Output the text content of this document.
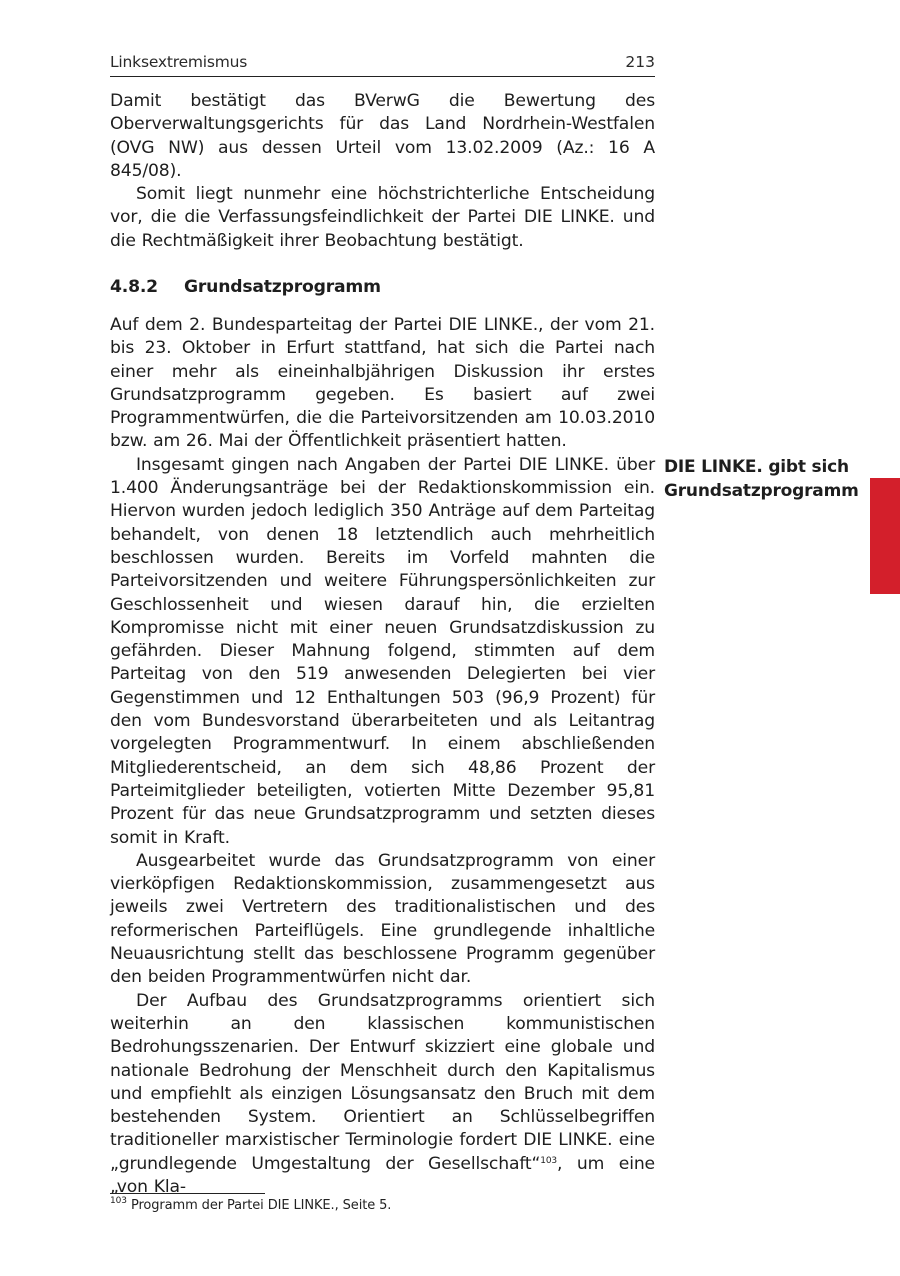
Linksextremismus	213

Damit bestätigt das BVerwG die Bewertung des Oberverwaltungsgerichts für das Land Nordrhein-Westfalen (OVG NW) aus dessen Urteil vom 13.02.2009 (Az.: 16 A 845/08).

Somit liegt nunmehr eine höchstrichterliche Entscheidung vor, die die Verfassungsfeindlichkeit der Partei DIE LINKE. und die Rechtmäßigkeit ihrer Beobachtung bestätigt.

4.8.2 Grundsatzprogramm

Auf dem 2. Bundesparteitag der Partei DIE LINKE., der vom 21. bis 23. Oktober in Erfurt stattfand, hat sich die Partei nach einer mehr als eineinhalbjährigen Diskussion ihr erstes Grundsatzprogramm gegeben. Es basiert auf zwei Programmentwürfen, die die Parteivorsitzenden am 10.03.2010 bzw. am 26. Mai der Öffentlichkeit präsentiert hatten.

Insgesamt gingen nach Angaben der Partei DIE LINKE. über 1.400 Änderungsanträge bei der Redaktionskommission ein. Hiervon wurden jedoch lediglich 350 Anträge auf dem Parteitag behandelt, von denen 18 letztendlich auch mehrheitlich beschlossen wurden. Bereits im Vorfeld mahnten die Parteivorsitzenden und weitere Führungspersönlichkeiten zur Geschlossenheit und wiesen darauf hin, die erzielten Kompromisse nicht mit einer neuen Grundsatzdiskussion zu gefährden. Dieser Mahnung folgend, stimmten auf dem Parteitag von den 519 anwesenden Delegierten bei vier Gegenstimmen und 12 Enthaltungen 503 (96,9 Prozent) für den vom Bundesvorstand überarbeiteten und als Leitantrag vorgelegten Programmentwurf. In einem abschließenden Mitgliederentscheid, an dem sich 48,86 Prozent der Parteimitglieder beteiligten, votierten Mitte Dezember 95,81 Prozent für das neue Grundsatzprogramm und setzten dieses somit in Kraft.

Ausgearbeitet wurde das Grundsatzprogramm von einer vierköpfigen Redaktionskommission, zusammengesetzt aus jeweils zwei Vertretern des traditionalistischen und des reformerischen Parteiflügels. Eine grundlegende inhaltliche Neuausrichtung stellt das beschlossene Programm gegenüber den beiden Programmentwürfen nicht dar.

Der Aufbau des Grundsatzprogramms orientiert sich weiterhin an den klassischen kommunistischen Bedrohungsszenarien. Der Entwurf skizziert eine globale und nationale Bedrohung der Menschheit durch den Kapitalismus und empfiehlt als einzigen Lösungsansatz den Bruch mit dem bestehenden System. Orientiert an Schlüsselbegriffen traditioneller marxistischer Terminologie fordert DIE LINKE. eine „grundlegende Umgestaltung der Gesellschaft“$^{103}$, um eine „von Kla-

DIE LINKE. gibt sich
Grundsatzprogramm
$^{103}$ Programm der Partei DIE LINKE., Seite 5.
